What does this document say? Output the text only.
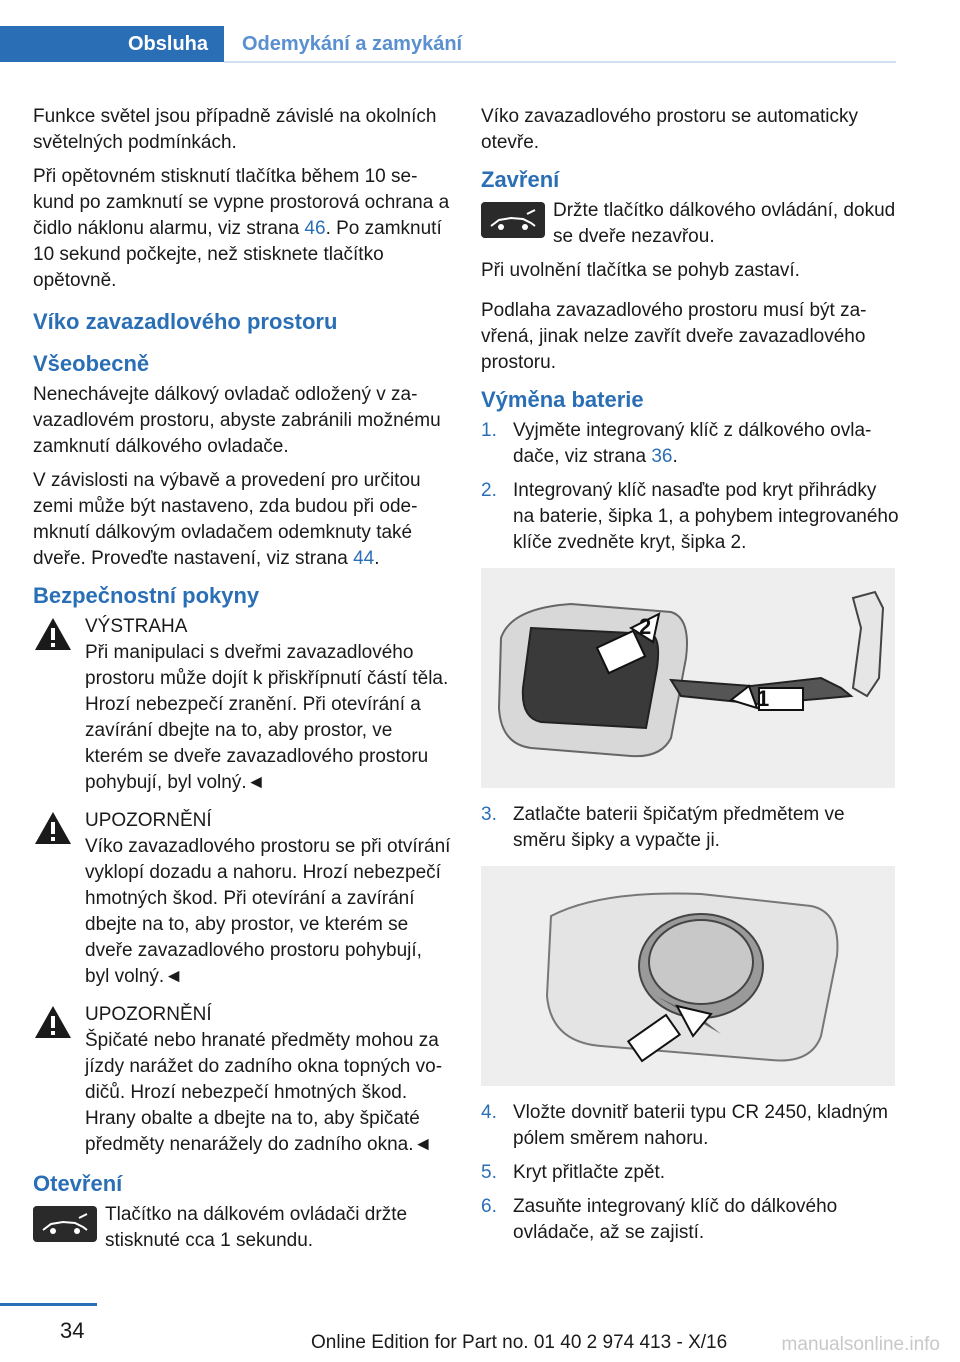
Obsluha	Odemykání a zamykání

Funkce světel jsou případně závislé na okolních světelných podmínkách.

Při opětovném stisknutí tlačítka během 10 sekund po zamknutí se vypne prostorová ochrana a čidlo náklonu alarmu, viz strana 46. Po zamknutí 10 sekund počkejte, než stisknete tlačítko opětovně.

Víko zavazadlového prostoru
Všeobecně

Nenechávejte dálkový ovladač odložený v zavazadlovém prostoru, abyste zabránili možnému zamknutí dálkového ovladače.

V závislosti na výbavě a provedení pro určitou zemi může být nastaveno, zda budou při odemknutí dálkovým ovladačem odemknuty také dveře. Proveďte nastavení, viz strana 44.

Bezpečnostní pokyny
VÝSTRAHA
Při manipulaci s dveřmi zavazadlového prostoru může dojít k přiskřípnutí částí těla. Hrozí nebezpečí zranění. Při otevírání a zavírání dbejte na to, aby prostor, ve kterém se dveře zavazadlového prostoru pohybují, byl volný.◄
UPOZORNĚNÍ
Víko zavazadlového prostoru se při otvírání vyklopí dozadu a nahoru. Hrozí nebezpečí hmotných škod. Při otevírání a zavírání dbejte na to, aby prostor, ve kterém se dveře zavazadlového prostoru pohybují, byl volný.◄
UPOZORNĚNÍ
Špičaté nebo hranaté předměty mohou za jízdy narážet do zadního okna topných vodičů. Hrozí nebezpečí hmotných škod. Hrany obalte a dbejte na to, aby špičaté předměty nenarážely do zadního okna.◄
Otevření

Tlačítko na dálkovém ovládači držte stisknuté cca 1 sekundu.

Víko zavazadlového prostoru se automaticky otevře.

Zavření

Držte tlačítko dálkového ovládání, dokud se dveře nezavřou.

Při uvolnění tlačítka se pohyb zastaví.

Podlaha zavazadlového prostoru musí být zavřená, jinak nelze zavřít dveře zavazadlového prostoru.

Výměna baterie
1. Vyjměte integrovaný klíč z dálkového ovladače, viz strana 36.
2. Integrovaný klíč nasaďte pod kryt přihrádky na baterie, šipka 1, a pohybem integrovaného klíče zvedněte kryt, šipka 2.
2
1
3. Zatlačte baterii špičatým předmětem ve směru šipky a vypačte ji.
4. Vložte dovnitř baterii typu CR 2450, kladným pólem směrem nahoru.
5. Kryt přitlačte zpět.
6. Zasuňte integrovaný klíč do dálkového ovládače, až se zajistí.
34	Online Edition for Part no. 01 40 2 974 413 - X/16	manualsonline.info
